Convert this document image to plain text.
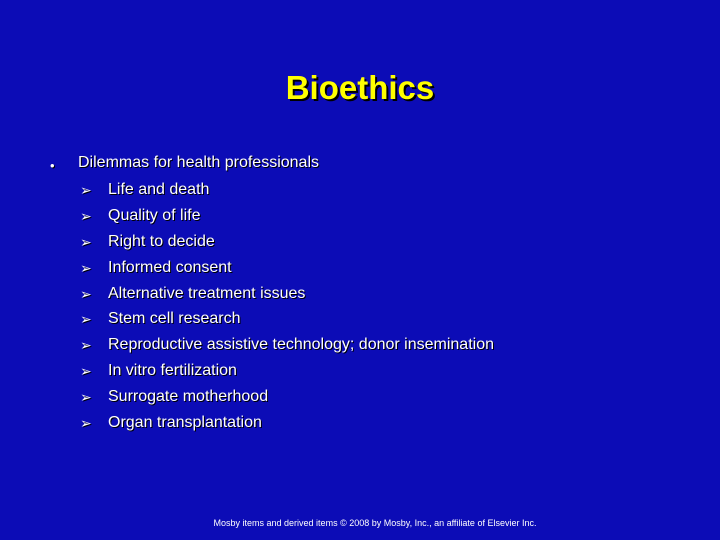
Bioethics
•	Dilemmas for health professionals
➢	Life and death
➢	Quality of life
➢	Right to decide
➢	Informed consent
➢	Alternative treatment issues
➢	Stem cell research
➢	Reproductive assistive technology; donor insemination
➢	In vitro fertilization
➢	Surrogate motherhood
➢	Organ transplantation
Mosby items and derived items © 2008 by Mosby, Inc., an affiliate of Elsevier Inc.
